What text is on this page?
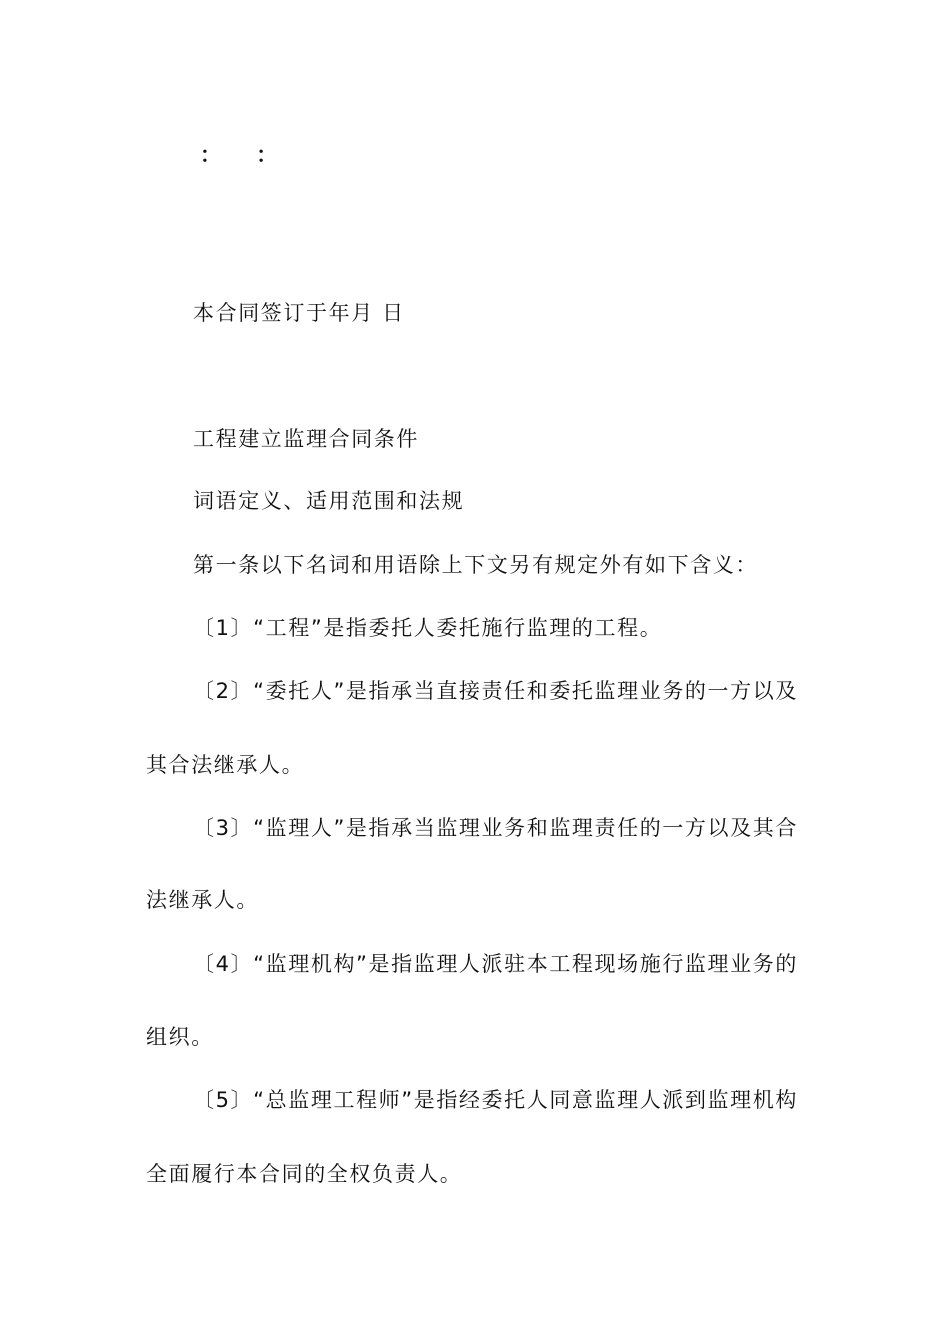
： ：
本合同签订于年月 日
工程建立监理合同条件
词语定义、适用范围和法规
第一条以下名词和用语除上下文另有规定外有如下含义：
〔1〕“工程”是指委托人委托施行监理的工程。
〔2〕“委托人”是指承当直接责任和委托监理业务的一方以及
其合法继承人。
〔3〕“监理人”是指承当监理业务和监理责任的一方以及其合
法继承人。
〔4〕“监理机构”是指监理人派驻本工程现场施行监理业务的
组织。
〔5〕“总监理工程师”是指经委托人同意监理人派到监理机构
全面履行本合同的全权负责人。
